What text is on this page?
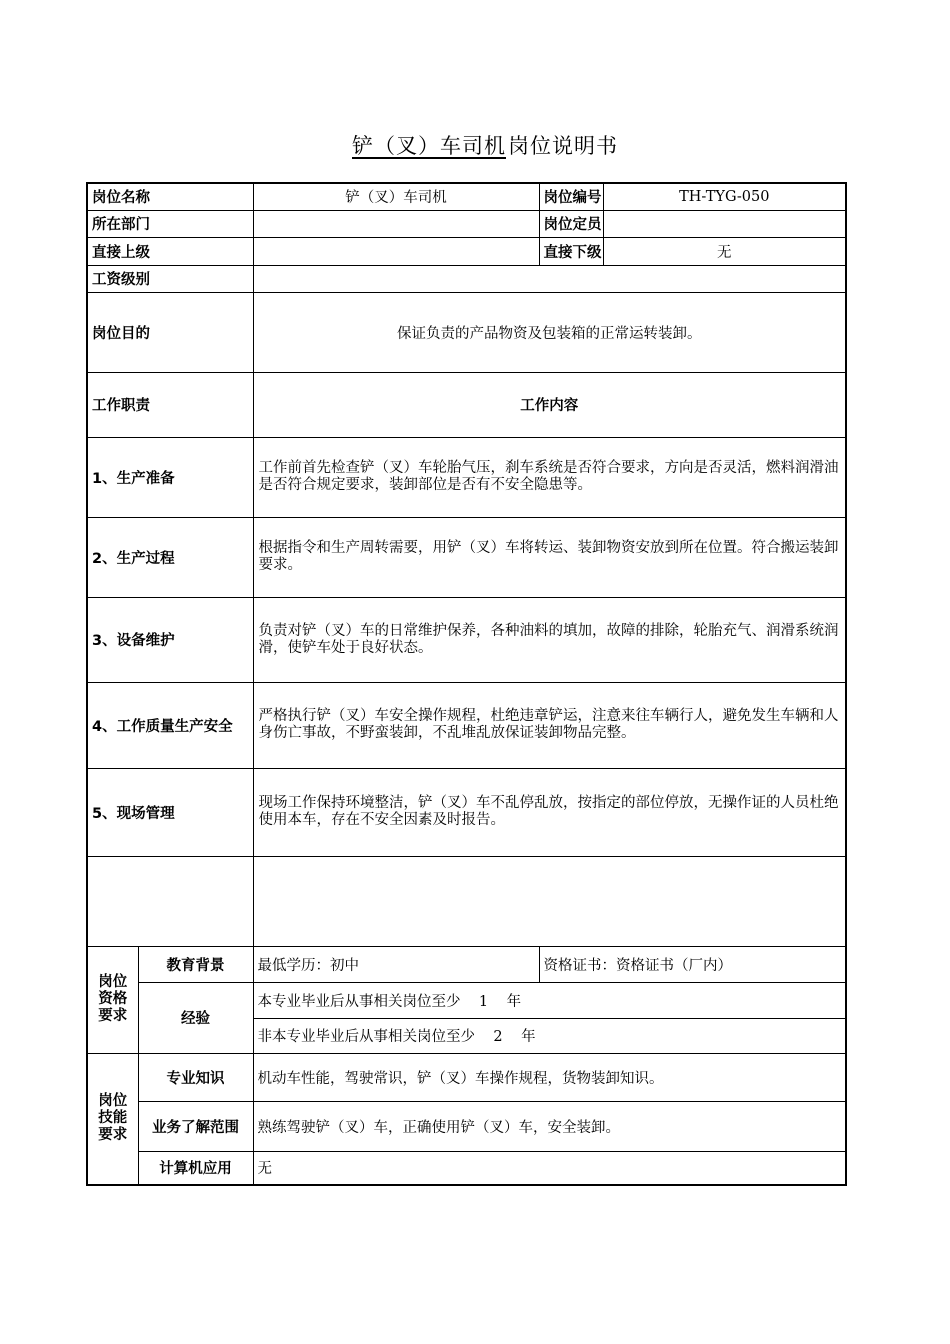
铲（叉）车司机岗位说明书
岗位名称		铲（叉）车司机	岗位编号	TH-TYG-050
所在部门			岗位定员	
直接上级			直接下级	无
工资级别				
岗位目的		保证负责的产品物资及包装箱的正常运转装卸。		
工作职责		工作内容		
1、生产准备		工作前首先检查铲（叉）车轮胎气压，刹车系统是否符合要求，方向是否灵活，燃料润滑油是否符合规定要求，装卸部位是否有不安全隐患等。		
2、生产过程		根据指令和生产周转需要，用铲（叉）车将转运、装卸物资安放到所在位置。符合搬运装卸要求。		
3、设备维护		负责对铲（叉）车的日常维护保养，各种油料的填加，故障的排除，轮胎充气、润滑系统润滑，使铲车处于良好状态。		
4、工作质量生产安全		严格执行铲（叉）车安全操作规程，杜绝违章铲运，注意来往车辆行人，避免发生车辆和人身伤亡事故，不野蛮装卸，不乱堆乱放保证装卸物品完整。		
5、现场管理		现场工作保持环境整洁，铲（叉）车不乱停乱放，按指定的部位停放，无操作证的人员杜绝使用本车，存在不安全因素及时报告。		

岗位资格要求	教育背景	最低学历：初中	资格证书：资格证书（厂内）	
	经验	本专业毕业后从事相关岗位至少    1    年		
		非本专业毕业后从事相关岗位至少    2    年		

岗位技能要求	专业知识	机动车性能，驾驶常识，铲（叉）车操作规程，货物装卸知识。		
	业务了解范围	熟练驾驶铲（叉）车，正确使用铲（叉）车，安全装卸。		
	计算机应用	无		
